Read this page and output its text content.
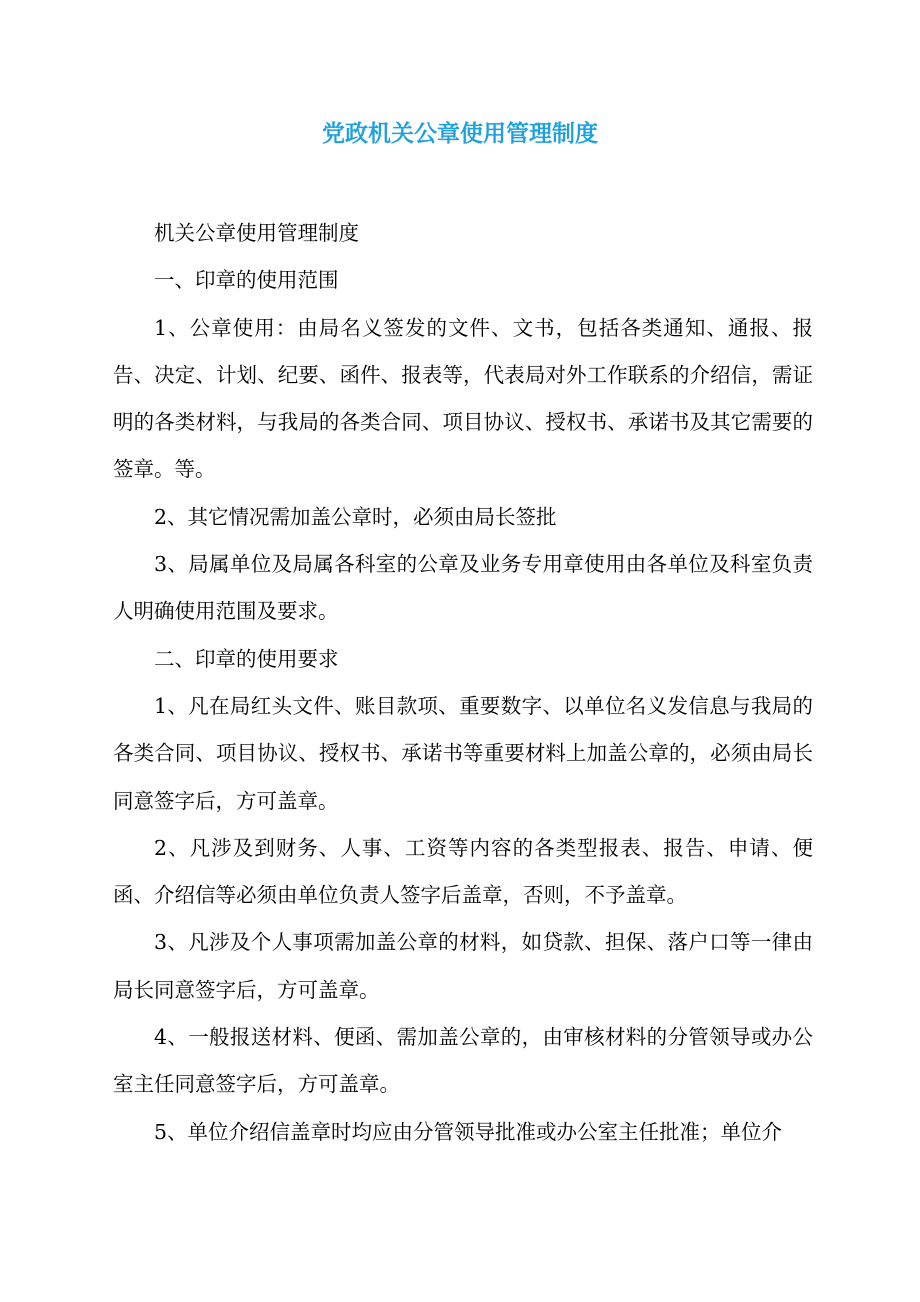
党政机关公章使用管理制度

机关公章使用管理制度

一、印章的使用范围

1、公章使用：由局名义签发的文件、文书，包括各类通知、通报、报告、决定、计划、纪要、函件、报表等，代表局对外工作联系的介绍信，需证明的各类材料，与我局的各类合同、项目协议、授权书、承诺书及其它需要的签章。等。

2、其它情况需加盖公章时，必须由局长签批

3、局属单位及局属各科室的公章及业务专用章使用由各单位及科室负责人明确使用范围及要求。

二、印章的使用要求

1、凡在局红头文件、账目款项、重要数字、以单位名义发信息与我局的各类合同、项目协议、授权书、承诺书等重要材料上加盖公章的，必须由局长同意签字后，方可盖章。

2、凡涉及到财务、人事、工资等内容的各类型报表、报告、申请、便函、介绍信等必须由单位负责人签字后盖章，否则，不予盖章。

3、凡涉及个人事项需加盖公章的材料，如贷款、担保、落户口等一律由局长同意签字后，方可盖章。

4、一般报送材料、便函、需加盖公章的，由审核材料的分管领导或办公室主任同意签字后，方可盖章。

5、单位介绍信盖章时均应由分管领导批准或办公室主任批准；单位介
